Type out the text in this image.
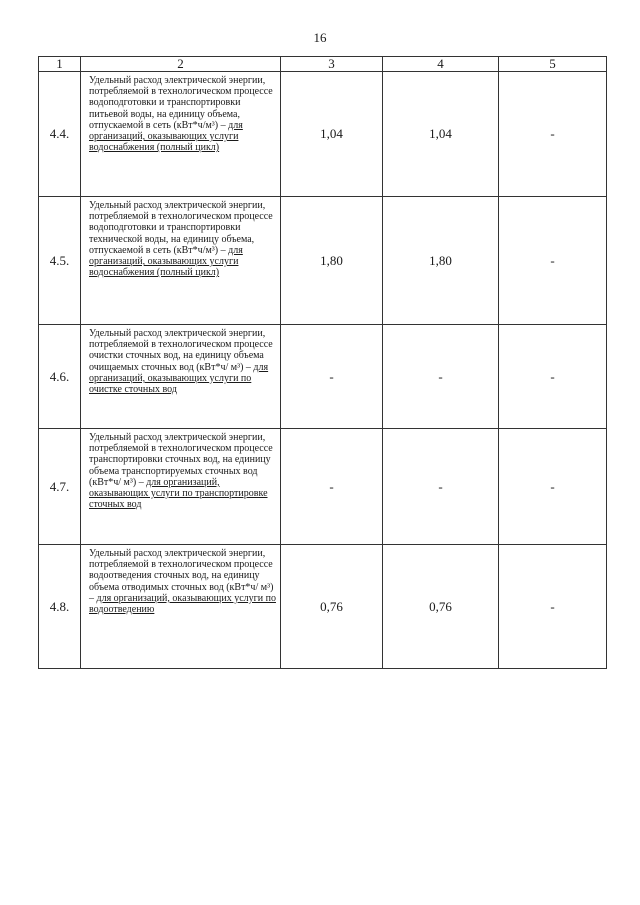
16
1	2	3	4	5
4.4.	Удельный расход электрической энергии, потребляемой в технологическом процессе водоподготовки и транспортировки питьевой воды, на единицу объема, отпускаемой в сеть (кВт*ч/м³) – для организаций, оказывающих услуги водоснабжения (полный цикл)	1,04	1,04	-
4.5.	Удельный расход электрической энергии, потребляемой в технологическом процессе водоподготовки и транспортировки технической воды, на единицу объема, отпускаемой в сеть (кВт*ч/м³) – для организаций, оказывающих услуги водоснабжения (полный цикл)	1,80	1,80	-
4.6.	Удельный расход электрической энергии, потребляемой в технологическом процессе очистки сточных вод, на единицу объема очищаемых сточных вод (кВт*ч/ м³) – для организаций, оказывающих услуги по очистке сточных вод	-	-	-
4.7.	Удельный расход электрической энергии, потребляемой в технологическом процессе транспортировки сточных вод, на единицу объема транспортируемых сточных вод (кВт*ч/ м³) – для организаций, оказывающих услуги по транспортировке сточных вод	-	-	-
4.8.	Удельный расход электрической энергии, потребляемой в технологическом процессе водоотведения сточных вод, на единицу объема отводимых сточных вод (кВт*ч/ м³) – для организаций, оказывающих услуги по водоотведению	0,76	0,76	-
